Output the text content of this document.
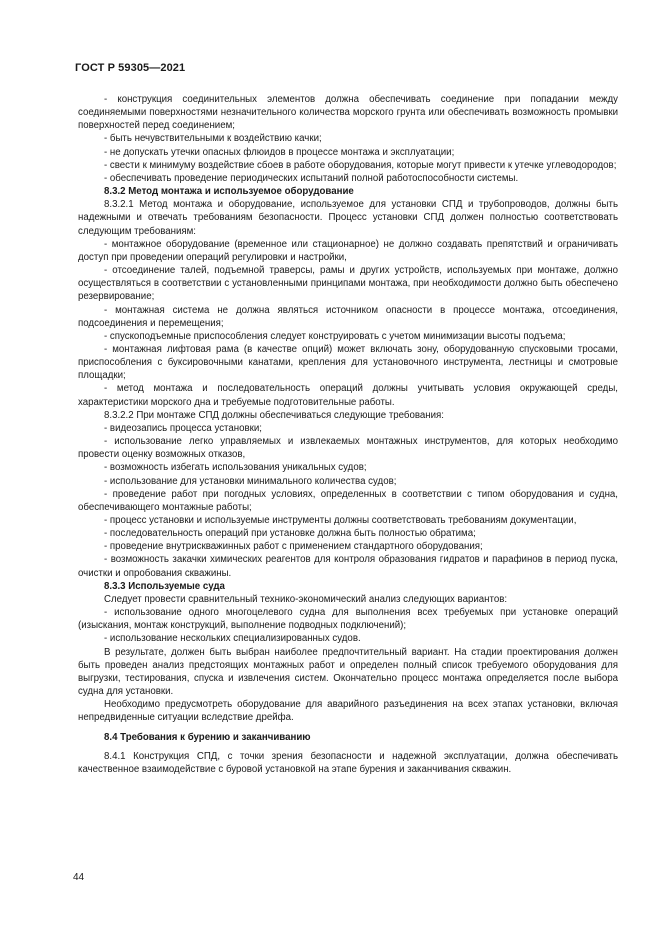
ГОСТ Р 59305—2021

- конструкция соединительных элементов должна обеспечивать соединение при попадании между соединяемыми поверхностями незначительного количества морского грунта или обеспечивать возможность промывки поверхностей перед соединением;

- быть нечувствительными к воздействию качки;

- не допускать утечки опасных флюидов в процессе монтажа и эксплуатации;

- свести к минимуму воздействие сбоев в работе оборудования, которые могут привести к утечке углеводородов;

- обеспечивать проведение периодических испытаний полной работоспособности системы.

8.3.2 Метод монтажа и используемое оборудование

8.3.2.1 Метод монтажа и оборудование, используемое для установки СПД и трубопроводов, должны быть надежными и отвечать требованиям безопасности. Процесс установки СПД должен полностью соответствовать следующим требованиям:

- монтажное оборудование (временное или стационарное) не должно создавать препятствий и ограничивать доступ при проведении операций регулировки и настройки,

- отсоединение талей, подъемной траверсы, рамы и других устройств, используемых при монтаже, должно осуществляться в соответствии с установленными принципами монтажа, при необходимости должно быть обеспечено резервирование;

- монтажная система не должна являться источником опасности в процессе монтажа, отсоединения, подсоединения и перемещения;

- спускоподъемные приспособления следует конструировать с учетом минимизации высоты подъема;

- монтажная лифтовая рама (в качестве опций) может включать зону, оборудованную спусковыми тросами, приспособления с буксировочными канатами, крепления для установочного инструмента, лестницы и смотровые площадки;

- метод монтажа и последовательность операций должны учитывать условия окружающей среды, характеристики морского дна и требуемые подготовительные работы.

8.3.2.2 При монтаже СПД должны обеспечиваться следующие требования:

- видеозапись процесса установки;

- использование легко управляемых и извлекаемых монтажных инструментов, для которых необходимо провести оценку возможных отказов,

- возможность избегать использования уникальных судов;

- использование для установки минимального количества судов;

- проведение работ при погодных условиях, определенных в соответствии с типом оборудования и судна, обеспечивающего монтажные работы;

- процесс установки и используемые инструменты должны соответствовать требованиям документации,

- последовательность операций при установке должна быть полностью обратима;

- проведение внутрискважинных работ с применением стандартного оборудования;

- возможность закачки химических реагентов для контроля образования гидратов и парафинов в период пуска, очистки и опробования скважины.

8.3.3 Используемые суда

Следует провести сравнительный технико-экономический анализ следующих вариантов:

- использование одного многоцелевого судна для выполнения всех требуемых при установке операций (изыскания, монтаж конструкций, выполнение подводных подключений);

- использование нескольких специализированных судов.

В результате, должен быть выбран наиболее предпочтительный вариант. На стадии проектирования должен быть проведен анализ предстоящих монтажных работ и определен полный список требуемого оборудования для выгрузки, тестирования, спуска и извлечения систем. Окончательно процесс монтажа определяется после выбора судна для установки.

Необходимо предусмотреть оборудование для аварийного разъединения на всех этапах установки, включая непредвиденные ситуации вследствие дрейфа.

8.4 Требования к бурению и заканчиванию

8.4.1 Конструкция СПД, с точки зрения безопасности и надежной эксплуатации, должна обеспечивать качественное взаимодействие с буровой установкой на этапе бурения и заканчивания скважин.

44
